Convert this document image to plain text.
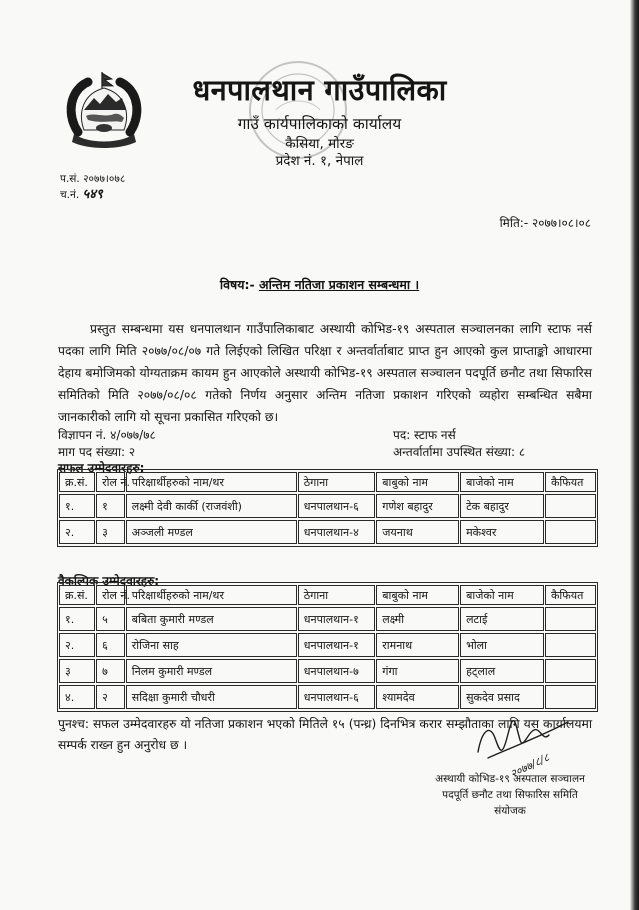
धनपालथान गाउँपालिका
गाउँ कार्यपालिकाको कार्यालय
कैसिया, मोरङ
प्रदेश नं. १, नेपाल
प.सं. २०७७।०७८
च.नं. ५४९
मिति:- २०७७।०८।०८
विषय:- अन्तिम नतिजा प्रकाशन सम्बन्धमा ।

प्रस्तुत सम्बन्धमा यस धनपालथान गाउँपालिकाबाट अस्थायी कोभिड-१९ अस्पताल सञ्चालनका लागि स्टाफ नर्स पदका लागि मिति २०७७/०८/०७ गते लिईएको लिखित परिक्षा र अन्तर्वार्ताबाट प्राप्त हुन आएको कुल प्राप्ताङ्को आधारमा देहाय बमोजिमको योग्यताक्रम कायम हुन आएकोले अस्थायी कोभिड-१९ अस्पताल सञ्चालन पदपूर्ति छनौट तथा सिफारिस समितिको मिति २०७७/०८/०८ गतेको निर्णय अनुसार अन्तिम नतिजा प्रकाशन गरिएको व्यहोरा सम्बन्धित सबैमा जानकारीको लागि यो सूचना प्रकासित गरिएको छ।

विज्ञापन नं. ४/०७७/७८	पद: स्टाफ नर्स
माग पद संख्या: २	अन्तर्वार्तामा उपस्थित संख्या: ८
सफल उम्मेदवारहरु:
क्र.सं.	रोल नं.	परिक्षार्थीहरुको नाम/थर	ठेगाना	बाबुको नाम	बाजेको नाम	कैफियत
१.	१	लक्ष्मी देवी कार्की (राजवंशी)	धनपालथान-६	गणेश बहादुर	टेक बहादुर	
२.	३	अञ्जली मण्डल	धनपालथान-४	जयनाथ	मकेश्वर	
वैकल्पिक उम्मेदवारहरु:
क्र.सं.	रोल नं.	परिक्षार्थीहरुको नाम/थर	ठेगाना	बाबुको नाम	बाजेको नाम	कैफियत
१.	५	बबिता कुमारी मण्डल	धनपालथान-१	लक्ष्मी	लटाई	
२.	६	रोजिना साह	धनपालथान-१	रामनाथ	भोला	
३	७	निलम कुमारी मण्डल	धनपालथान-७	गंगा	हट्लाल	
४.	२	सदिक्षा कुमारी चौधरी	धनपालथान-६	श्यामदेव	सुकदेव प्रसाद	

पुनश्च: सफल उम्मेदवारहरु यो नतिजा प्रकाशन भएको मितिले १५ (पन्ध्र) दिनभित्र करार सम्झौताका लागि यस कार्यालयमा सम्पर्क राख्न हुन अनुरोध छ ।

२०७७/८/८
अस्थायी कोभिड-१९ अस्पताल सञ्चालन
पदपूर्ति छनौट तथा सिफारिस समिति
संयोजक
